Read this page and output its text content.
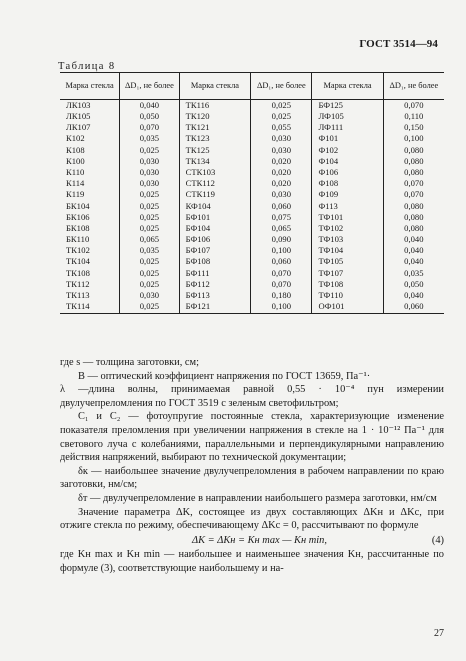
ГОСТ 3514—94
Таблица 8
Марка стекла	ΔD₁, не более	Марка стекла	ΔD₁, не более	Марка стекла	ΔD₁, не более
ЛК103	0,040	ТК116	0,025	БФ125	0,070
ЛК105	0,050	ТК120	0,025	ЛФ105	0,110
ЛК107	0,070	ТК121	0,055	ЛФ111	0,150
К102	0,035	ТК123	0,030	Ф101	0,100
К108	0,025	ТК125	0,030	Ф102	0,080
К100	0,030	ТК134	0,020	Ф104	0,080
К110	0,030	СТК103	0,020	Ф106	0,080
К114	0,030	СТК112	0,020	Ф108	0,070
К119	0,025	СТК119	0,030	Ф109	0,070
БК104	0,025	КФ104	0,060	Ф113	0,080
БК106	0,025	БФ101	0,075	ТФ101	0,080
БК108	0,025	БФ104	0,065	ТФ102	0,080
БК110	0,065	БФ106	0,090	ТФ103	0,040
ТК102	0,035	БФ107	0,100	ТФ104	0,040
ТК104	0,025	БФ108	0,060	ТФ105	0,040
ТК108	0,025	БФ111	0,070	ТФ107	0,035
ТК112	0,025	БФ112	0,070	ТФ108	0,050
ТК113	0,030	БФ113	0,180	ТФ110	0,040
ТК114	0,025	БФ121	0,100	ОФ101	0,060

где s — толщина заготовки, см;

B — оптический коэффициент напряжения по ГОСТ 13659, Па⁻¹·

λ —длина волны, принимаемая равной 0,55 · 10⁻⁴ пун измерении двулучепреломления по ГОСТ 3519 с зеленым светофильтром;

C₁ и C₂ — фотоупругие постоянные стекла, характеризующие изменение показателя преломления при увеличении напряжения в стекле на 1 · 10⁻¹² Па⁻¹ для светового луча с колебаниями, параллельными и перпендикулярными направлению действия напряжений, выбирают по технической документации;

δк — наибольшее значение двулучепреломления в рабочем направлении по краю заготовки, нм/см;

δт — двулучепреломление в направлении наибольшего размера заготовки, нм/см

Значение параметра ΔK, состоящее из двух составляющих ΔKн и ΔKс, при отжиге стекла по режиму, обеспечивающему ΔKс = 0, рассчитывают по формуле

ΔK = ΔKн = Kн max — Kн min,	(4)

где Kн max и Kн min — наибольшее и наименьшее значения Kн, рассчитанные по формуле (3), соответствующие наибольшему и на-

27
